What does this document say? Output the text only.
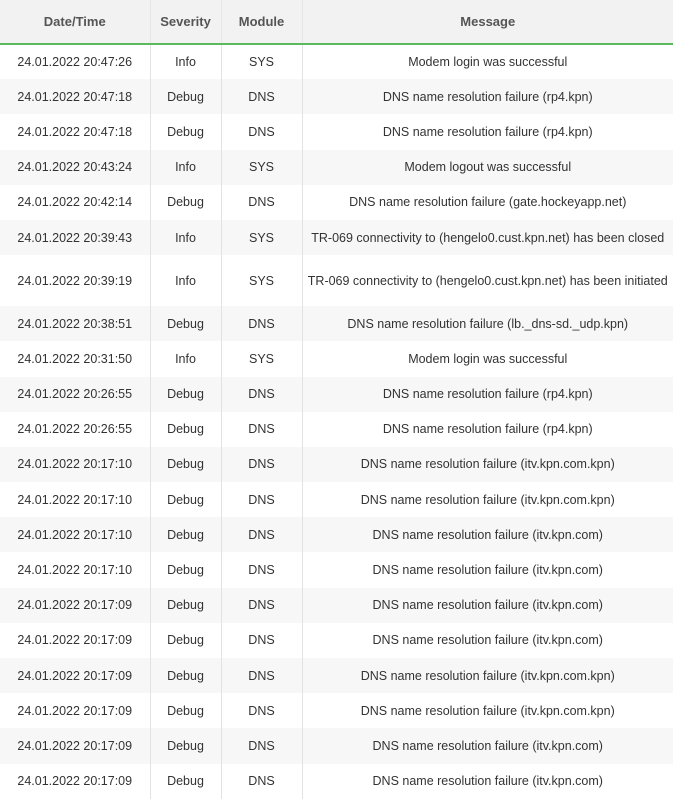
Date/Time	Severity	Module	Message
24.01.2022 20:47:26	Info	SYS	Modem login was successful
24.01.2022 20:47:18	Debug	DNS	DNS name resolution failure (rp4.kpn)
24.01.2022 20:47:18	Debug	DNS	DNS name resolution failure (rp4.kpn)
24.01.2022 20:43:24	Info	SYS	Modem logout was successful
24.01.2022 20:42:14	Debug	DNS	DNS name resolution failure (gate.hockeyapp.net)
24.01.2022 20:39:43	Info	SYS	TR-069 connectivity to (hengelo0.cust.kpn.net) has been closed
24.01.2022 20:39:19	Info	SYS	TR-069 connectivity to (hengelo0.cust.kpn.net) has been initiated
24.01.2022 20:38:51	Debug	DNS	DNS name resolution failure (lb._dns-sd._udp.kpn)
24.01.2022 20:31:50	Info	SYS	Modem login was successful
24.01.2022 20:26:55	Debug	DNS	DNS name resolution failure (rp4.kpn)
24.01.2022 20:26:55	Debug	DNS	DNS name resolution failure (rp4.kpn)
24.01.2022 20:17:10	Debug	DNS	DNS name resolution failure (itv.kpn.com.kpn)
24.01.2022 20:17:10	Debug	DNS	DNS name resolution failure (itv.kpn.com.kpn)
24.01.2022 20:17:10	Debug	DNS	DNS name resolution failure (itv.kpn.com)
24.01.2022 20:17:10	Debug	DNS	DNS name resolution failure (itv.kpn.com)
24.01.2022 20:17:09	Debug	DNS	DNS name resolution failure (itv.kpn.com)
24.01.2022 20:17:09	Debug	DNS	DNS name resolution failure (itv.kpn.com)
24.01.2022 20:17:09	Debug	DNS	DNS name resolution failure (itv.kpn.com.kpn)
24.01.2022 20:17:09	Debug	DNS	DNS name resolution failure (itv.kpn.com.kpn)
24.01.2022 20:17:09	Debug	DNS	DNS name resolution failure (itv.kpn.com)
24.01.2022 20:17:09	Debug	DNS	DNS name resolution failure (itv.kpn.com)
